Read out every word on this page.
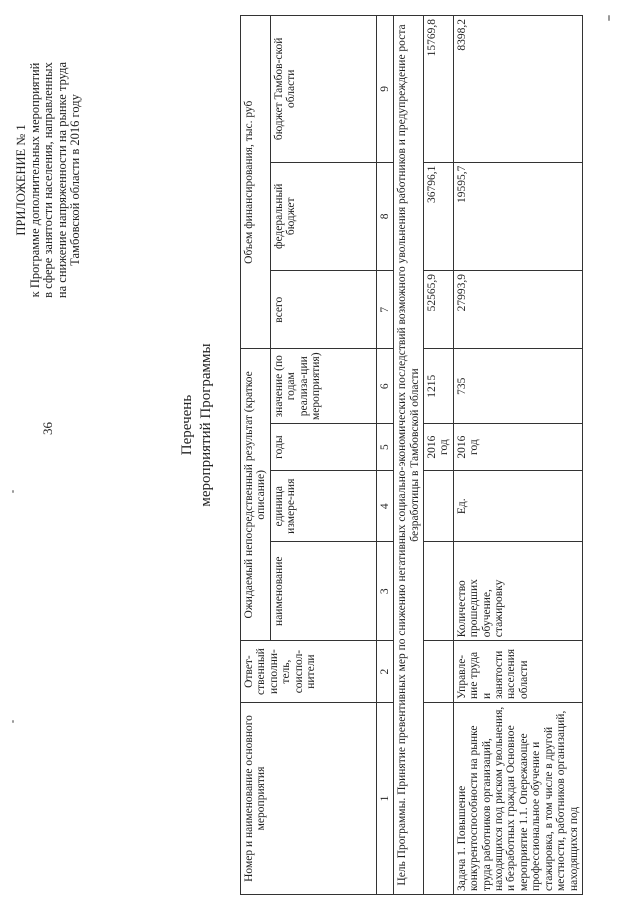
36
ПРИЛОЖЕНИЕ № 1 к Программе дополнительных мероприятий в сфере занятости населения, направленных на снижение напряженности на рынке труда Тамбовской области в 2016 году
Перечень мероприятий Программы
Номер и наименование основного мероприятия	Ответ-ственный исполни-тель, соиспол-нители	Ожидаемый непосредственный результат (краткое описание)				Объем финансирования, тыс. руб		
		наименование	единица измере-ния	годы	значение (по годам реализа-ции мероприятия)	всего	федеральный бюджет	бюджет Тамбов-ской области
1	2	3	4	5	6	7	8	9
Цель Программы. Принятие превентивных мер по снижению негативных социально-экономических последствий возможного увольнения работников и предупреждение роста безработицы в Тамбовской области								
				2016 год	1215	52565,9	36796,1	15769,8
Задача 1. Повышение конкурентоспособности на рынке труда работников организаций, находящихся под риском увольнения, и безработных граждан Основное мероприятие 1.1. Опережающее профессиональное обучение и стажировка, в том числе в другой местности, работников организаций, находящихся под	Управле-ние труда и занятости населения области	Количество прошедших обучение, стажировку	Ед.	2016 год	735	27993,9	19595,7	8398,2
